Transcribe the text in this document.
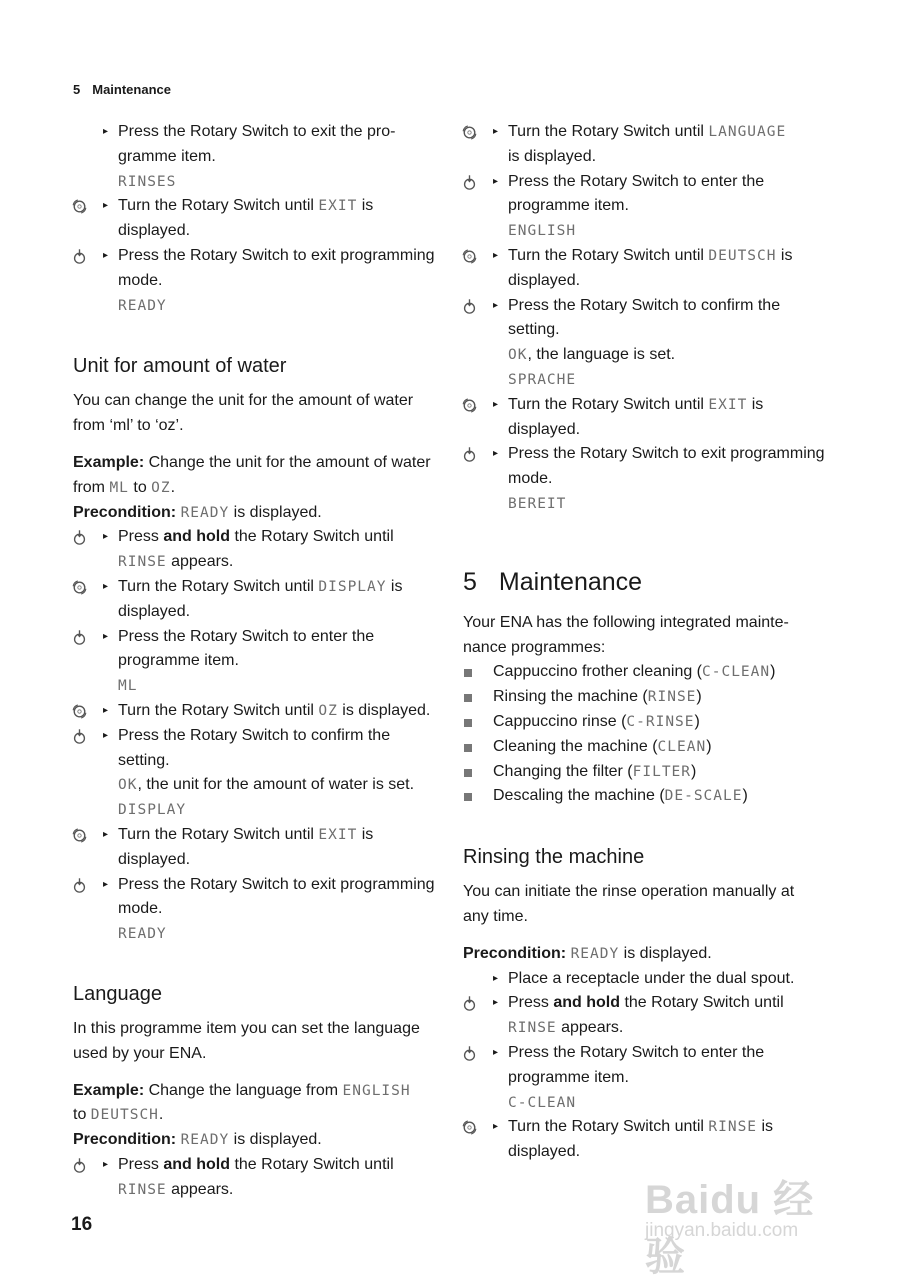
5 Maintenance
▸ Press the Rotary Switch to exit the pro-
gramme item.
RINSES
▸ Turn the Rotary Switch until EXIT is
displayed.
▸ Press the Rotary Switch to exit programming
mode.
READY
Unit for amount of water
You can change the unit for the amount of water
from ‘ml’ to ‘oz’.
Example: Change the unit for the amount of water
from ML to OZ.
Precondition: READY is displayed.
▸ Press and hold the Rotary Switch until
RINSE appears.
▸ Turn the Rotary Switch until DISPLAY is
displayed.
▸ Press the Rotary Switch to enter the
programme item.
ML
▸ Turn the Rotary Switch until OZ is displayed.
▸ Press the Rotary Switch to confirm the
setting.
OK, the unit for the amount of water is set.
DISPLAY
▸ Turn the Rotary Switch until EXIT is
displayed.
▸ Press the Rotary Switch to exit programming
mode.
READY
Language
In this programme item you can set the language
used by your ENA.
Example: Change the language from ENGLISH
to DEUTSCH.
Precondition: READY is displayed.
▸ Press and hold the Rotary Switch until
RINSE appears.
▸ Turn the Rotary Switch until LANGUAGE
is displayed.
▸ Press the Rotary Switch to enter the
programme item.
ENGLISH
▸ Turn the Rotary Switch until DEUTSCH is
displayed.
▸ Press the Rotary Switch to confirm the
setting.
OK, the language is set.
SPRACHE
▸ Turn the Rotary Switch until EXIT is
displayed.
▸ Press the Rotary Switch to exit programming
mode.
BEREIT
5 Maintenance
Your ENA has the following integrated mainte-
nance programmes:
Cappuccino frother cleaning (C-CLEAN)
Rinsing the machine (RINSE)
Cappuccino rinse (C-RINSE)
Cleaning the machine (CLEAN)
Changing the filter (FILTER)
Descaling the machine (DE-SCALE)
Rinsing the machine
You can initiate the rinse operation manually at
any time.
Precondition: READY is displayed.
▸ Place a receptacle under the dual spout.
▸ Press and hold the Rotary Switch until
RINSE appears.
▸ Press the Rotary Switch to enter the
programme item.
C-CLEAN
▸ Turn the Rotary Switch until RINSE is
displayed.
16
Baidu 经验
jingyan.baidu.com
